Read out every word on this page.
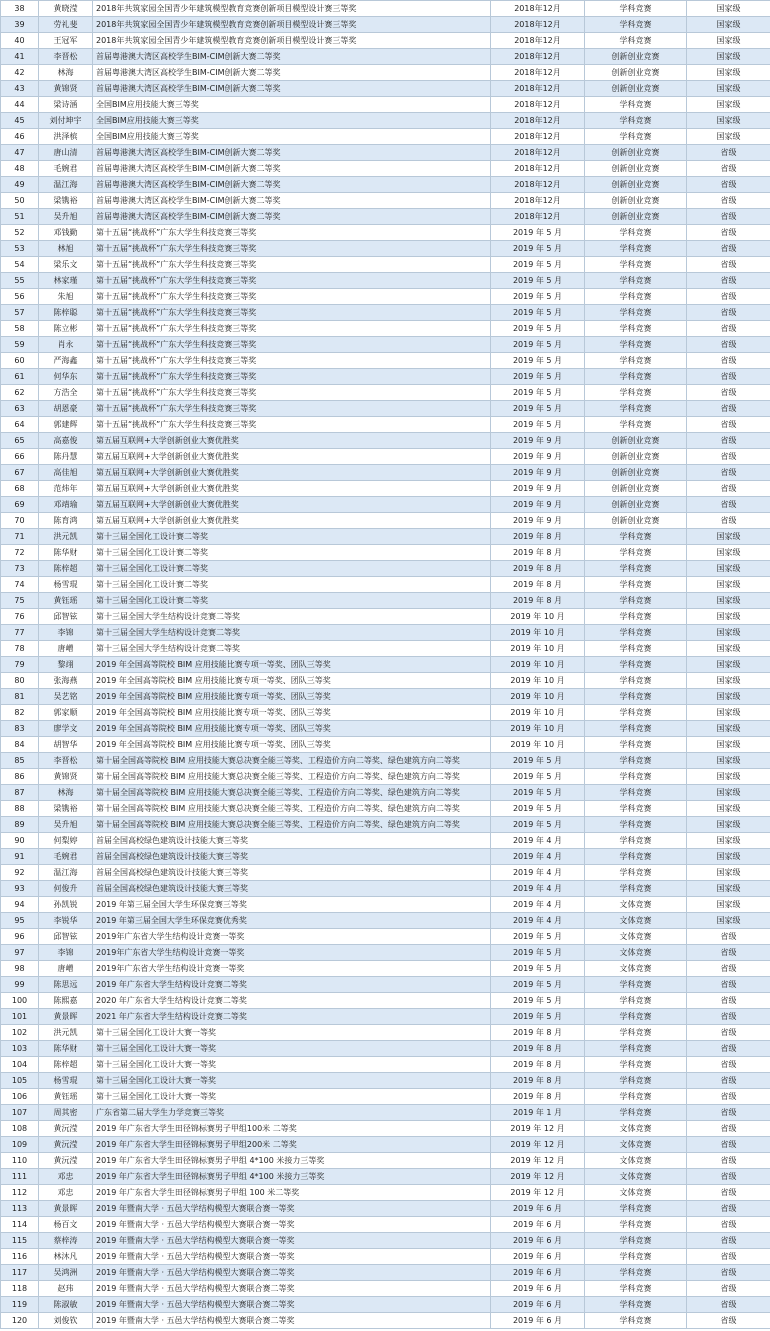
38	黄晓滢	2018年共筑家园全国青少年建筑模型教育竞赛创新项目模型设计赛三等奖	2018年12月	学科竞赛	国家级
39	劳礼斐	2018年共筑家园全国青少年建筑模型教育竞赛创新项目模型设计赛三等奖	2018年12月	学科竞赛	国家级
40	王冠军	2018年共筑家园全国青少年建筑模型教育竞赛创新项目模型设计赛三等奖	2018年12月	学科竞赛	国家级
41	李晋松	首届粤港澳大湾区高校学生BIM-CIM创新大赛二等奖	2018年12月	创新创业竞赛	国家级
42	林海	首届粤港澳大湾区高校学生BIM-CIM创新大赛二等奖	2018年12月	创新创业竞赛	国家级
43	黄锦贤	首届粤港澳大湾区高校学生BIM-CIM创新大赛二等奖	2018年12月	创新创业竞赛	国家级
44	梁诗涵	全国BIM应用技能大赛三等奖	2018年12月	学科竞赛	国家级
45	刘付坤宇	全国BIM应用技能大赛三等奖	2018年12月	学科竞赛	国家级
46	洪泽槟	全国BIM应用技能大赛三等奖	2018年12月	学科竞赛	国家级
47	唐山清	首届粤港澳大湾区高校学生BIM-CIM创新大赛二等奖	2018年12月	创新创业竞赛	省级
48	毛婉君	首届粤港澳大湾区高校学生BIM-CIM创新大赛二等奖	2018年12月	创新创业竞赛	省级
49	温江海	首届粤港澳大湾区高校学生BIM-CIM创新大赛二等奖	2018年12月	创新创业竞赛	省级
50	梁镌裕	首届粤港澳大湾区高校学生BIM-CIM创新大赛二等奖	2018年12月	创新创业竞赛	省级
51	吴升旭	首届粤港澳大湾区高校学生BIM-CIM创新大赛二等奖	2018年12月	创新创业竞赛	省级
52	邓钱勤	第十五届“挑战杯”广东大学生科技竞赛三等奖	2019 年 5 月	学科竞赛	省级
53	林旭	第十五届“挑战杯”广东大学生科技竞赛三等奖	2019 年 5 月	学科竞赛	省级
54	梁乐文	第十五届“挑战杯”广东大学生科技竞赛三等奖	2019 年 5 月	学科竞赛	省级
55	林家瑾	第十五届“挑战杯”广东大学生科技竞赛三等奖	2019 年 5 月	学科竞赛	省级
56	朱旭	第十五届“挑战杯”广东大学生科技竞赛三等奖	2019 年 5 月	学科竞赛	省级
57	陈梓聪	第十五届“挑战杯”广东大学生科技竞赛三等奖	2019 年 5 月	学科竞赛	省级
58	陈立彬	第十五届“挑战杯”广东大学生科技竞赛三等奖	2019 年 5 月	学科竞赛	省级
59	肖永	第十五届“挑战杯”广东大学生科技竞赛三等奖	2019 年 5 月	学科竞赛	省级
60	严海鑫	第十五届“挑战杯”广东大学生科技竞赛三等奖	2019 年 5 月	学科竞赛	省级
61	何华东	第十五届“挑战杯”广东大学生科技竞赛三等奖	2019 年 5 月	学科竞赛	省级
62	方浩全	第十五届“挑战杯”广东大学生科技竞赛三等奖	2019 年 5 月	学科竞赛	省级
63	胡恩豪	第十五届“挑战杯”广东大学生科技竞赛三等奖	2019 年 5 月	学科竞赛	省级
64	郭建辉	第十五届“挑战杯”广东大学生科技竞赛三等奖	2019 年 5 月	学科竞赛	省级
65	高嘉俊	第五届互联网+大学创新创业大赛优胜奖	2019 年 9 月	创新创业竞赛	省级
66	陈丹慧	第五届互联网+大学创新创业大赛优胜奖	2019 年 9 月	创新创业竞赛	省级
67	高佳旭	第五届互联网+大学创新创业大赛优胜奖	2019 年 9 月	创新创业竞赛	省级
68	范炜年	第五届互联网+大学创新创业大赛优胜奖	2019 年 9 月	创新创业竞赛	省级
69	邓靖瑜	第五届互联网+大学创新创业大赛优胜奖	2019 年 9 月	创新创业竞赛	省级
70	陈育鸿	第五届互联网+大学创新创业大赛优胜奖	2019 年 9 月	创新创业竞赛	省级
71	洪元凯	第十三届全国化工设计赛二等奖	2019 年 8 月	学科竞赛	国家级
72	陈华财	第十三届全国化工设计赛二等奖	2019 年 8 月	学科竞赛	国家级
73	陈梓超	第十三届全国化工设计赛二等奖	2019 年 8 月	学科竞赛	国家级
74	杨雪琨	第十三届全国化工设计赛二等奖	2019 年 8 月	学科竞赛	国家级
75	黄钰瑶	第十三届全国化工设计赛二等奖	2019 年 8 月	学科竞赛	国家级
76	邱智铉	第十三届全国大学生结构设计竞赛二等奖	2019 年 10 月	学科竞赛	国家级
77	李锦	第十三届全国大学生结构设计竞赛二等奖	2019 年 10 月	学科竞赛	国家级
78	唐嶒	第十三届全国大学生结构设计竞赛二等奖	2019 年 10 月	学科竞赛	国家级
79	黎翊	2019 年全国高等院校 BIM 应用技能比赛专项一等奖、团队三等奖	2019 年 10 月	学科竞赛	国家级
80	张海燕	2019 年全国高等院校 BIM 应用技能比赛专项一等奖、团队三等奖	2019 年 10 月	学科竞赛	国家级
81	吴艺铭	2019 年全国高等院校 BIM 应用技能比赛专项一等奖、团队三等奖	2019 年 10 月	学科竞赛	国家级
82	郭家顺	2019 年全国高等院校 BIM 应用技能比赛专项一等奖、团队三等奖	2019 年 10 月	学科竞赛	国家级
83	廖学文	2019 年全国高等院校 BIM 应用技能比赛专项一等奖、团队三等奖	2019 年 10 月	学科竞赛	国家级
84	胡智华	2019 年全国高等院校 BIM 应用技能比赛专项一等奖、团队三等奖	2019 年 10 月	学科竞赛	国家级
85	李晋松	第十届全国高等院校 BIM 应用技能大赛总决赛全能三等奖、工程造价方向二等奖、绿色建筑方向二等奖	2019 年 5 月	学科竞赛	国家级
86	黄锦贤	第十届全国高等院校 BIM 应用技能大赛总决赛全能三等奖、工程造价方向二等奖、绿色建筑方向二等奖	2019 年 5 月	学科竞赛	国家级
87	林海	第十届全国高等院校 BIM 应用技能大赛总决赛全能三等奖、工程造价方向二等奖、绿色建筑方向二等奖	2019 年 5 月	学科竞赛	国家级
88	梁镌裕	第十届全国高等院校 BIM 应用技能大赛总决赛全能三等奖、工程造价方向二等奖、绿色建筑方向二等奖	2019 年 5 月	学科竞赛	国家级
89	吴升旭	第十届全国高等院校 BIM 应用技能大赛总决赛全能三等奖、工程造价方向二等奖、绿色建筑方向二等奖	2019 年 5 月	学科竞赛	国家级
90	何梨婷	首届全国高校绿色建筑设计技能大赛三等奖	2019 年 4 月	学科竞赛	国家级
91	毛婉君	首届全国高校绿色建筑设计技能大赛三等奖	2019 年 4 月	学科竞赛	国家级
92	温江海	首届全国高校绿色建筑设计技能大赛三等奖	2019 年 4 月	学科竞赛	国家级
93	何俊升	首届全国高校绿色建筑设计技能大赛三等奖	2019 年 4 月	学科竞赛	国家级
94	孙凯锐	2019 年第三届全国大学生环保竞赛三等奖	2019 年 4 月	文体竞赛	国家级
95	李锐华	2019 年第三届全国大学生环保竞赛优秀奖	2019 年 4 月	文体竞赛	国家级
96	邱智铉	2019年广东省大学生结构设计竞赛一等奖	2019 年 5 月	文体竞赛	省级
97	李锦	2019年广东省大学生结构设计竞赛一等奖	2019 年 5 月	文体竞赛	省级
98	唐嶒	2019年广东省大学生结构设计竞赛一等奖	2019 年 5 月	文体竞赛	省级
99	陈思远	2019 年广东省大学生结构设计竞赛二等奖	2019 年 5 月	学科竞赛	省级
100	陈熙嘉	2020 年广东省大学生结构设计竞赛二等奖	2019 年 5 月	学科竞赛	省级
101	黄景晖	2021 年广东省大学生结构设计竞赛二等奖	2019 年 5 月	学科竞赛	省级
102	洪元凯	第十三届全国化工设计大赛一等奖	2019 年 8 月	学科竞赛	省级
103	陈华财	第十三届全国化工设计大赛一等奖	2019 年 8 月	学科竞赛	省级
104	陈梓超	第十三届全国化工设计大赛一等奖	2019 年 8 月	学科竞赛	省级
105	杨雪琨	第十三届全国化工设计大赛一等奖	2019 年 8 月	学科竞赛	省级
106	黄钰瑶	第十三届全国化工设计大赛一等奖	2019 年 8 月	学科竞赛	省级
107	周其密	广东省第二届大学生力学竞赛三等奖	2019 年 1 月	学科竞赛	省级
108	黄沅滢	2019 年广东省大学生田径锦标赛男子甲组100米 二等奖	2019 年 12 月	文体竞赛	省级
109	黄沅滢	2019 年广东省大学生田径锦标赛男子甲组200米 二等奖	2019 年 12 月	文体竞赛	省级
110	黄沅滢	2019 年广东省大学生田径锦标赛男子甲组 4*100 米接力三等奖	2019 年 12 月	文体竞赛	省级
111	邓忠	2019 年广东省大学生田径锦标赛男子甲组 4*100 米接力三等奖	2019 年 12 月	文体竞赛	省级
112	邓忠	2019 年广东省大学生田径锦标赛男子甲组 100 米二等奖	2019 年 12 月	文体竞赛	省级
113	黄景晖	2019 年暨南大学 · 五邑大学结构模型大赛联合赛一等奖	2019 年 6 月	学科竞赛	省级
114	杨百文	2019 年暨南大学 · 五邑大学结构模型大赛联合赛一等奖	2019 年 6 月	学科竞赛	省级
115	蔡梓涛	2019 年暨南大学 · 五邑大学结构模型大赛联合赛一等奖	2019 年 6 月	学科竞赛	省级
116	林沐凡	2019 年暨南大学 · 五邑大学结构模型大赛联合赛一等奖	2019 年 6 月	学科竞赛	省级
117	吴鸿洲	2019 年暨南大学 · 五邑大学结构模型大赛联合赛二等奖	2019 年 6 月	学科竞赛	省级
118	赵玮	2019 年暨南大学 · 五邑大学结构模型大赛联合赛二等奖	2019 年 6 月	学科竞赛	省级
119	陈淑敏	2019 年暨南大学 · 五邑大学结构模型大赛联合赛二等奖	2019 年 6 月	学科竞赛	省级
120	刘俊钦	2019 年暨南大学 · 五邑大学结构模型大赛联合赛二等奖	2019 年 6 月	学科竞赛	省级
